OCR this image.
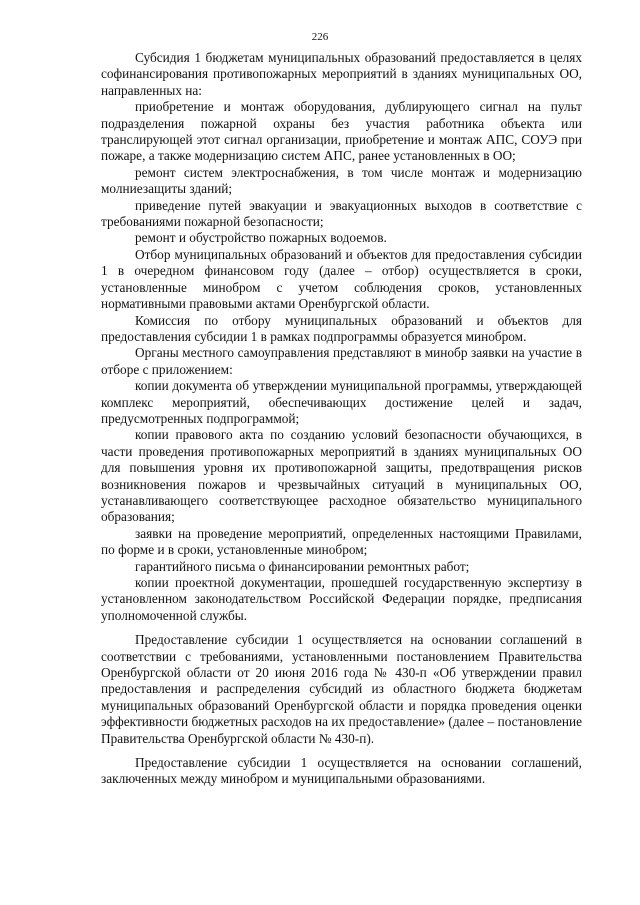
226

Субсидия 1 бюджетам муниципальных образований предоставляется в целях софинансирования противопожарных мероприятий в зданиях муниципальных ОО, направленных на:

приобретение и монтаж оборудования, дублирующего сигнал на пульт подразделения пожарной охраны без участия работника объекта или транслирующей этот сигнал организации, приобретение и монтаж АПС, СОУЭ при пожаре, а также модернизацию систем АПС, ранее установленных в ОО;

ремонт систем электроснабжения, в том числе монтаж и модернизацию молниезащиты зданий;

приведение путей эвакуации и эвакуационных выходов в соответствие с требованиями пожарной безопасности;

ремонт и обустройство пожарных водоемов.

Отбор муниципальных образований и объектов для предоставления субсидии 1 в очередном финансовом году (далее – отбор) осуществляется в сроки, установленные минобром с учетом соблюдения сроков, установленных нормативными правовыми актами Оренбургской области.

Комиссия по отбору муниципальных образований и объектов для предоставления субсидии 1 в рамках подпрограммы образуется минобром.

Органы местного самоуправления представляют в минобр заявки на участие в отборе с приложением:

копии документа об утверждении муниципальной программы, утверждающей комплекс мероприятий, обеспечивающих достижение целей и задач, предусмотренных подпрограммой;

копии правового акта по созданию условий безопасности обучающихся, в части проведения противопожарных мероприятий в зданиях муниципальных ОО для повышения уровня их противопожарной защиты, предотвращения рисков возникновения пожаров и чрезвычайных ситуаций в муниципальных ОО, устанавливающего соответствующее расходное обязательство муниципального образования;

заявки на проведение мероприятий, определенных настоящими Правилами, по форме и в сроки, установленные минобром;

гарантийного письма о финансировании ремонтных работ;

копии проектной документации, прошедшей государственную экспертизу в установленном законодательством Российской Федерации порядке, предписания уполномоченной службы.

Предоставление субсидии 1 осуществляется на основании соглашений в соответствии с требованиями, установленными постановлением Правительства Оренбургской области от 20 июня 2016 года № 430-п «Об утверждении правил предоставления и распределения субсидий из областного бюджета бюджетам муниципальных образований Оренбургской области и порядка проведения оценки эффективности бюджетных расходов на их предоставление» (далее – постановление Правительства Оренбургской области № 430-п).

Предоставление субсидии 1 осуществляется на основании соглашений, заключенных между минобром и муниципальными образованиями.
